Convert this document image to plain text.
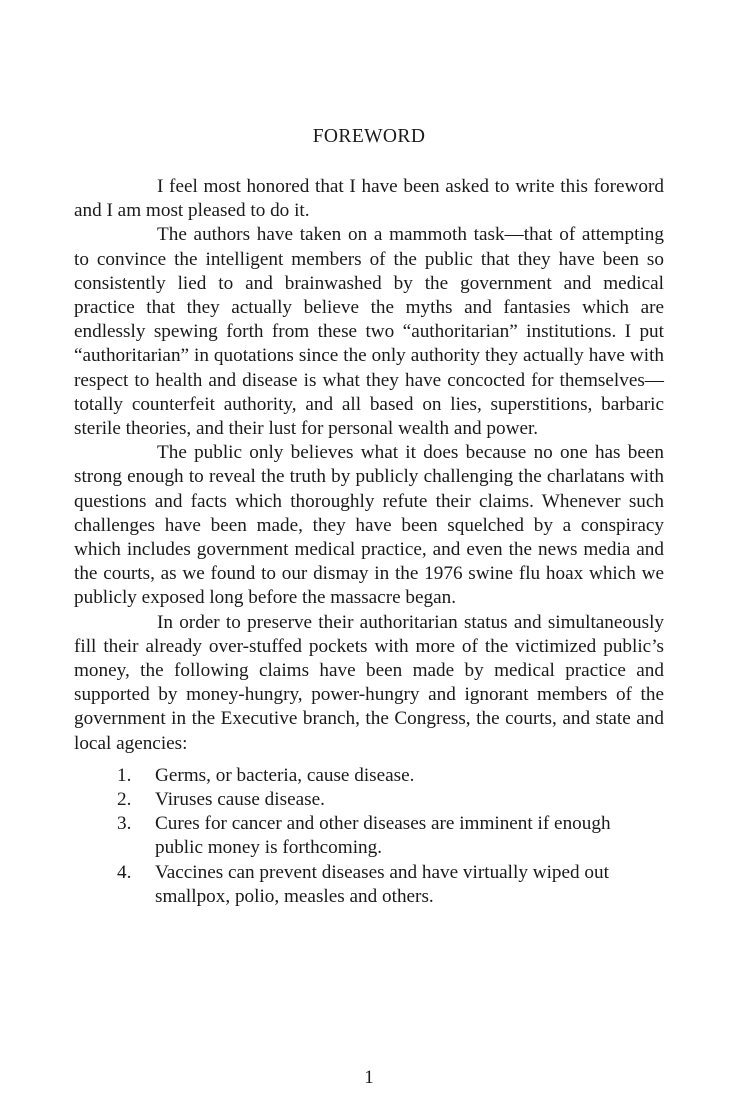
FOREWORD

I feel most honored that I have been asked to write this foreword and I am most pleased to do it.

The authors have taken on a mammoth task—that of attempting to convince the intelligent members of the public that they have been so consistently lied to and brainwashed by the government and medical practice that they actually believe the myths and fantasies which are endlessly spewing forth from these two “authoritarian” institutions. I put “authoritarian” in quotations since the only authority they actually have with respect to health and disease is what they have concocted for themselves—totally counterfeit authority, and all based on lies, superstitions, barbaric sterile theories, and their lust for personal wealth and power.

The public only believes what it does because no one has been strong enough to reveal the truth by publicly challenging the charlatans with questions and facts which thoroughly refute their claims. Whenever such challenges have been made, they have been squelched by a conspiracy which includes government medical practice, and even the news media and the courts, as we found to our dismay in the 1976 swine flu hoax which we publicly exposed long before the massacre began.

In order to preserve their authoritarian status and simultaneously fill their already over-stuffed pockets with more of the victimized public’s money, the following claims have been made by medical practice and supported by money-hungry, power-hungry and ignorant members of the government in the Executive branch, the Congress, the courts, and state and local agencies:

1. Germs, or bacteria, cause disease.
2. Viruses cause disease.
3. Cures for cancer and other diseases are imminent if enough public money is forthcoming.
4. Vaccines can prevent diseases and have virtually wiped out smallpox, polio, measles and others.
1
